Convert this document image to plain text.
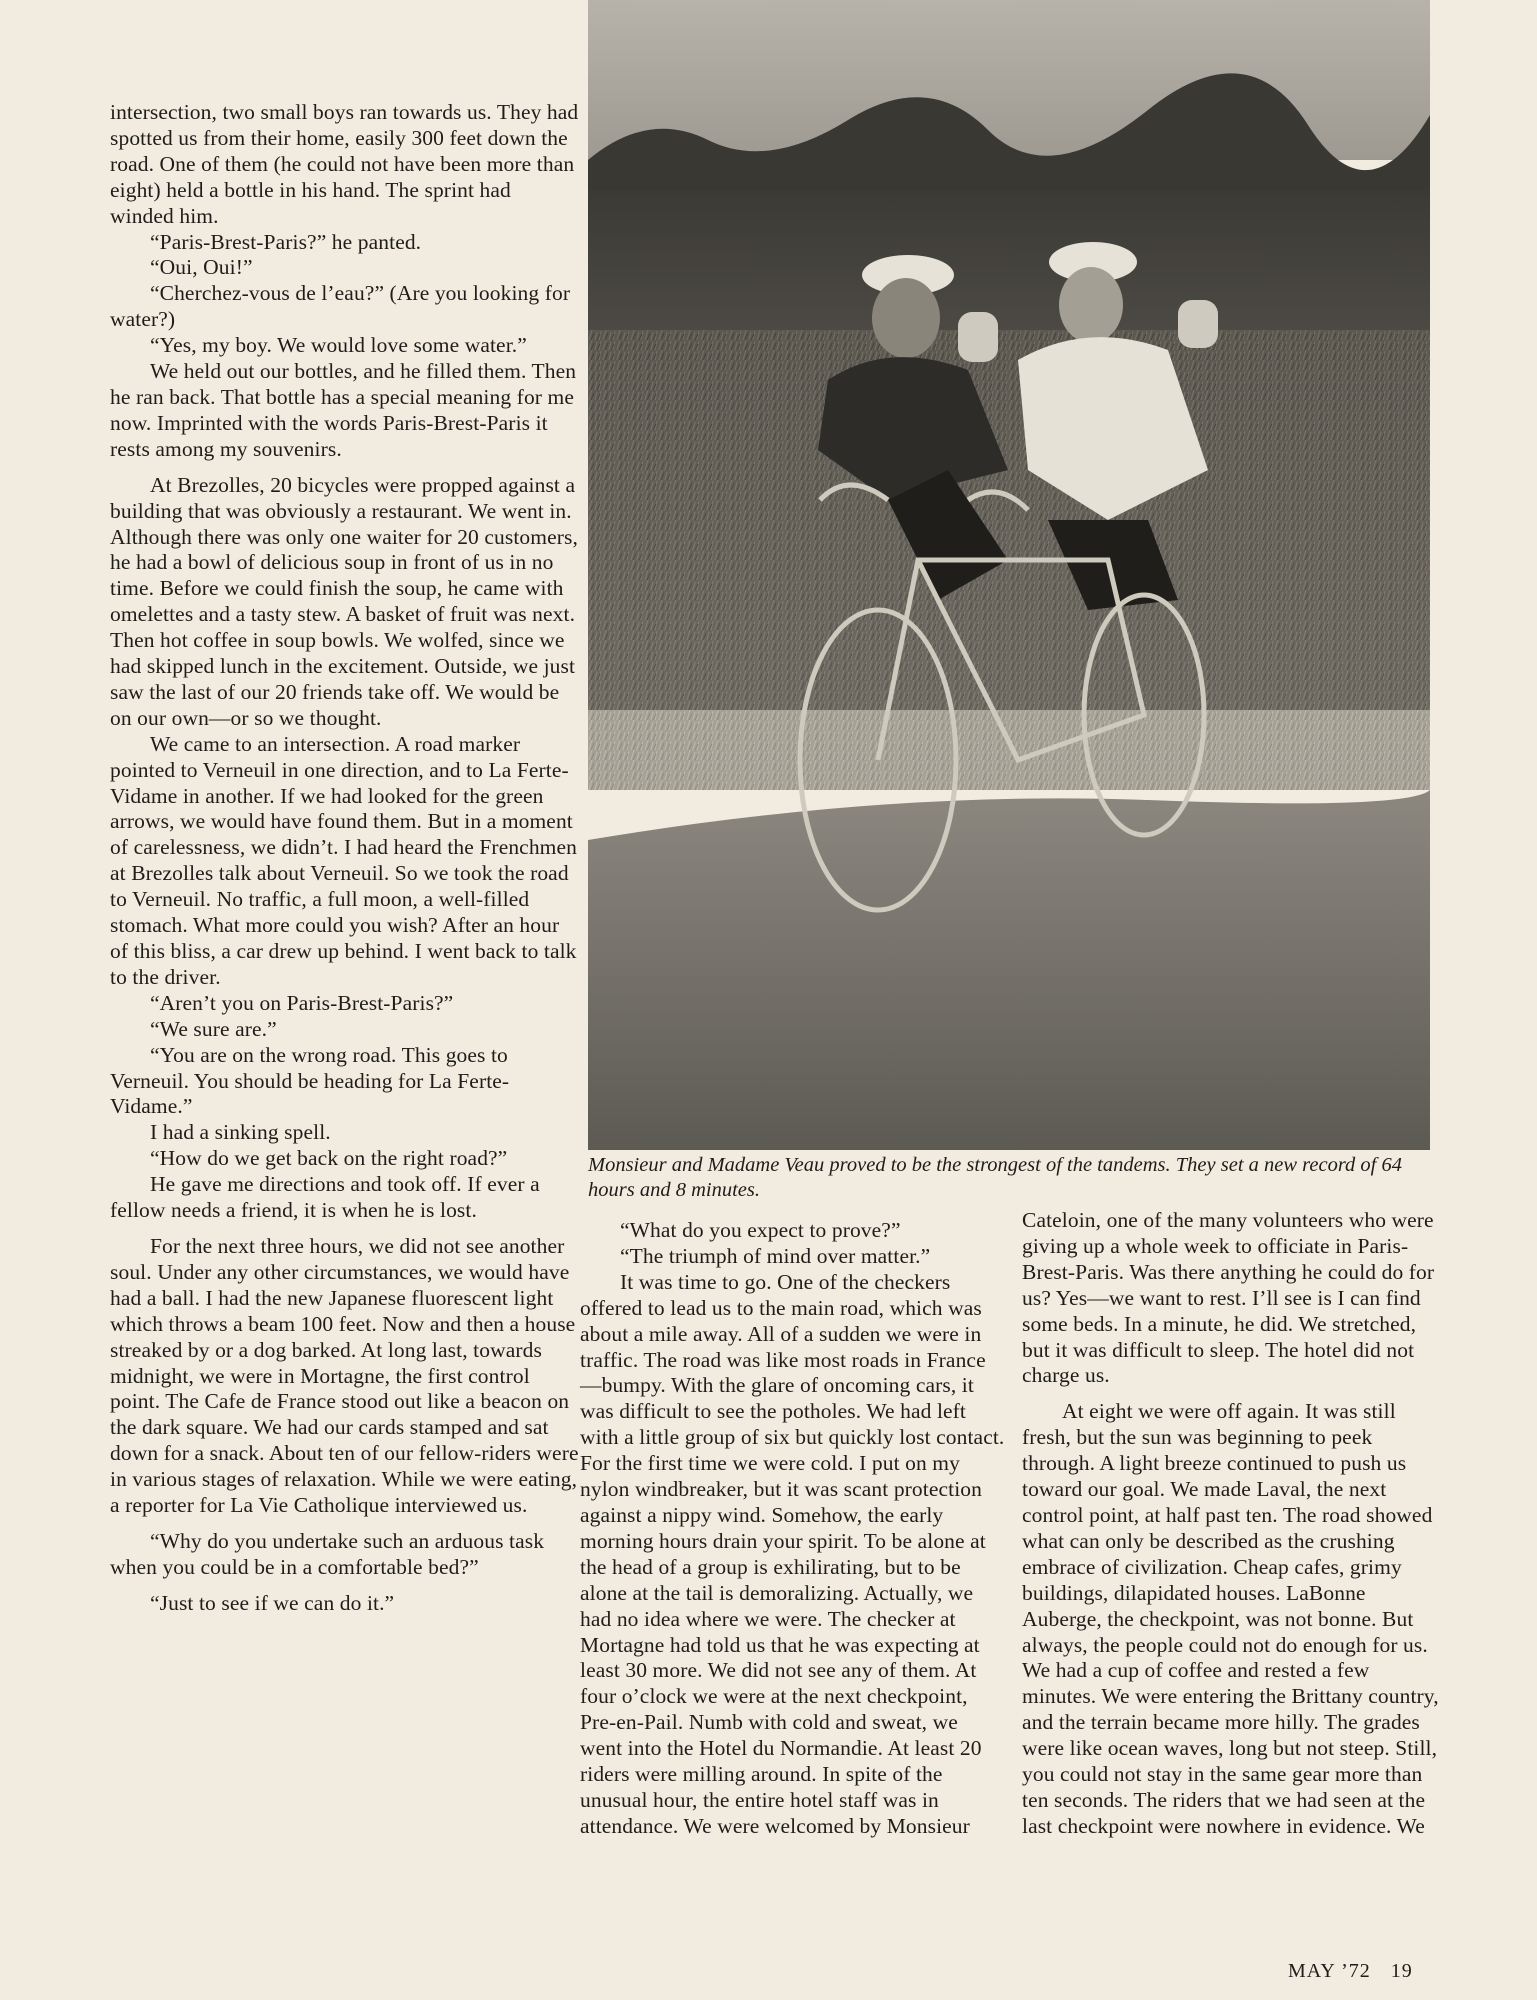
intersection, two small boys ran towards us. They had spotted us from their home, easily 300 feet down the road. One of them (he could not have been more than eight) held a bottle in his hand. The sprint had winded him.

“Paris-Brest-Paris?” he panted.

“Oui, Oui!”

“Cherchez-vous de l’eau?” (Are you looking for water?)

“Yes, my boy. We would love some water.”

We held out our bottles, and he filled them. Then he ran back. That bottle has a special meaning for me now. Imprinted with the words Paris-Brest-Paris it rests among my souvenirs.

At Brezolles, 20 bicycles were propped against a building that was obviously a restaurant. We went in. Although there was only one waiter for 20 customers, he had a bowl of delicious soup in front of us in no time. Before we could finish the soup, he came with omelettes and a tasty stew. A basket of fruit was next. Then hot coffee in soup bowls. We wolfed, since we had skipped lunch in the excitement. Outside, we just saw the last of our 20 friends take off. We would be on our own—or so we thought.

We came to an intersection. A road marker pointed to Verneuil in one direction, and to La Ferte-Vidame in another. If we had looked for the green arrows, we would have found them. But in a moment of carelessness, we didn’t. I had heard the Frenchmen at Brezolles talk about Verneuil. So we took the road to Verneuil. No traffic, a full moon, a well-filled stomach. What more could you wish? After an hour of this bliss, a car drew up behind. I went back to talk to the driver.

“Aren’t you on Paris-Brest-Paris?”

“We sure are.”

“You are on the wrong road. This goes to Verneuil. You should be heading for La Ferte-Vidame.”

I had a sinking spell.

“How do we get back on the right road?”

He gave me directions and took off. If ever a fellow needs a friend, it is when he is lost.

For the next three hours, we did not see another soul. Under any other circumstances, we would have had a ball. I had the new Japanese fluorescent light which throws a beam 100 feet. Now and then a house streaked by or a dog barked. At long last, towards midnight, we were in Mortagne, the first control point. The Cafe de France stood out like a beacon on the dark square. We had our cards stamped and sat down for a snack. About ten of our fellow-riders were in various stages of relaxation. While we were eating, a reporter for La Vie Catholique interviewed us.

“Why do you undertake such an arduous task when you could be in a comfortable bed?”

“Just to see if we can do it.”

Monsieur and Madame Veau proved to be the strongest of the tandems. They set a new record of 64 hours and 8 minutes.

“What do you expect to prove?”

“The triumph of mind over matter.”

It was time to go. One of the checkers offered to lead us to the main road, which was about a mile away. All of a sudden we were in traffic. The road was like most roads in France—bumpy. With the glare of oncoming cars, it was difficult to see the potholes. We had left with a little group of six but quickly lost contact. For the first time we were cold. I put on my nylon windbreaker, but it was scant protection against a nippy wind. Somehow, the early morning hours drain your spirit. To be alone at the head of a group is exhilirating, but to be alone at the tail is demoralizing. Actually, we had no idea where we were. The checker at Mortagne had told us that he was expecting at least 30 more. We did not see any of them. At four o’clock we were at the next checkpoint, Pre-en-Pail. Numb with cold and sweat, we went into the Hotel du Normandie. At least 20 riders were milling around. In spite of the unusual hour, the entire hotel staff was in attendance. We were welcomed by Monsieur

Cateloin, one of the many volunteers who were giving up a whole week to officiate in Paris-Brest-Paris. Was there anything he could do for us? Yes—we want to rest. I’ll see is I can find some beds. In a minute, he did. We stretched, but it was difficult to sleep. The hotel did not charge us.

At eight we were off again. It was still fresh, but the sun was beginning to peek through. A light breeze continued to push us toward our goal. We made Laval, the next control point, at half past ten. The road showed what can only be described as the crushing embrace of civilization. Cheap cafes, grimy buildings, dilapidated houses. LaBonne Auberge, the checkpoint, was not bonne. But always, the people could not do enough for us. We had a cup of coffee and rested a few minutes. We were entering the Brittany country, and the terrain became more hilly. The grades were like ocean waves, long but not steep. Still, you could not stay in the same gear more than ten seconds. The riders that we had seen at the last checkpoint were nowhere in evidence. We

MAY ’72 19
